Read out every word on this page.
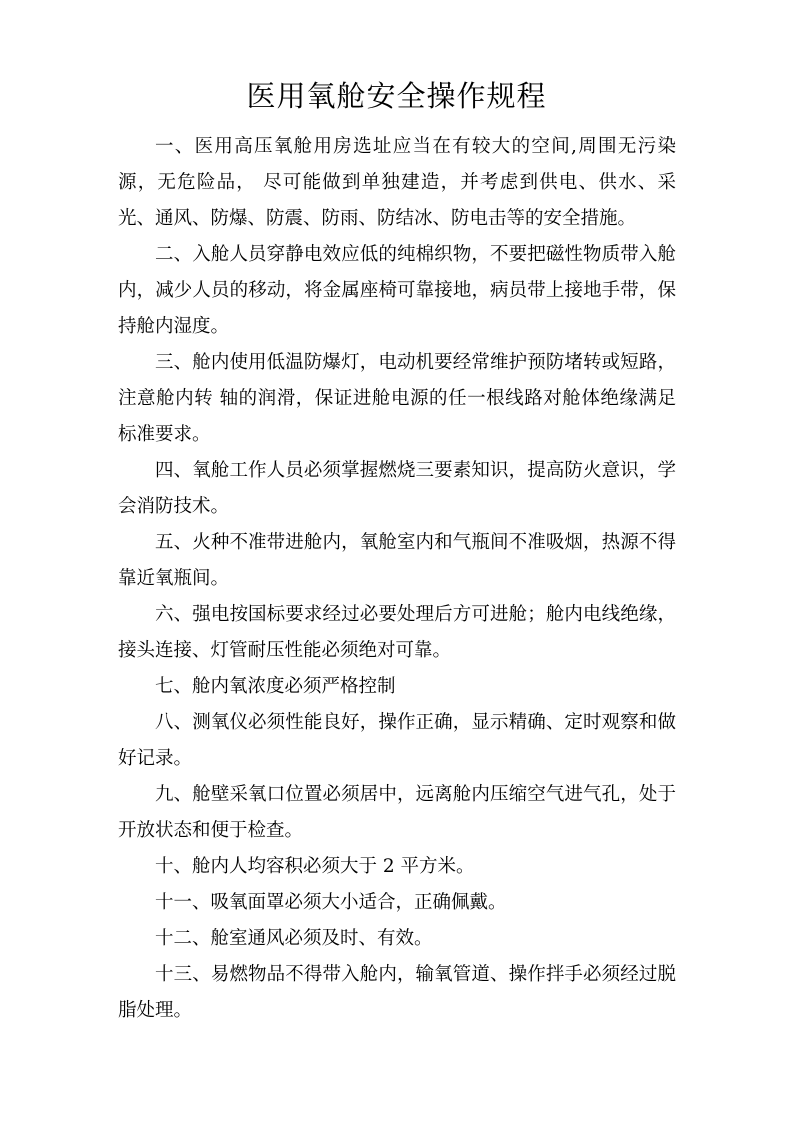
医用氧舱安全操作规程

一、医用高压氧舱用房选址应当在有较大的空间,周围无污染源，无危险品， 尽可能做到单独建造，并考虑到供电、供水、采光、通风、防爆、防震、防雨、防结冰、防电击等的安全措施。

二、入舱人员穿静电效应低的纯棉织物，不要把磁性物质带入舱内，减少人员的移动，将金属座椅可靠接地，病员带上接地手带，保持舱内湿度。

三、舱内使用低温防爆灯，电动机要经常维护预防堵转或短路，注意舱内转 轴的润滑，保证进舱电源的任一根线路对舱体绝缘满足标准要求。

四、氧舱工作人员必须掌握燃烧三要素知识，提高防火意识，学会消防技术。

五、火种不准带进舱内，氧舱室内和气瓶间不准吸烟，热源不得靠近氧瓶间。

六、强电按国标要求经过必要处理后方可进舱；舱内电线绝缘，接头连接、灯管耐压性能必须绝对可靠。

七、舱内氧浓度必须严格控制

八、测氧仪必须性能良好，操作正确，显示精确、定时观察和做好记录。

九、舱壁采氧口位置必须居中，远离舱内压缩空气进气孔，处于开放状态和便于检查。

十、舱内人均容积必须大于 2 平方米。

十一、吸氧面罩必须大小适合，正确佩戴。

十二、舱室通风必须及时、有效。

十三、易燃物品不得带入舱内，输氧管道、操作拌手必须经过脱脂处理。
